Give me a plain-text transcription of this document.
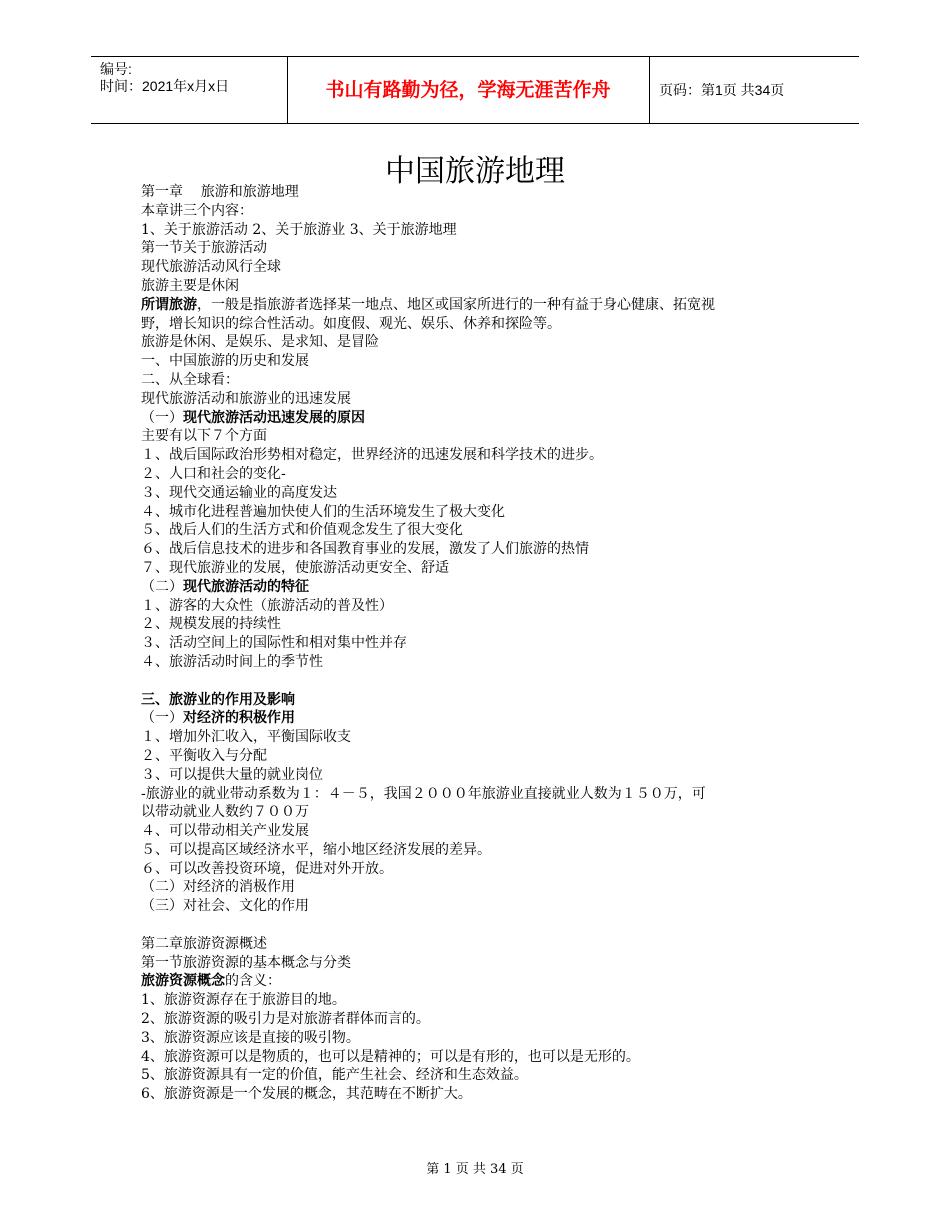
编号:
时间：2021年x月x日	书山有路勤为径，学海无涯苦作舟	页码：第1页 共34页
中国旅游地理

第一章    旅游和旅游地理

本章讲三个内容：

1、关于旅游活动 2、关于旅游业 3、关于旅游地理

第一节关于旅游活动

现代旅游活动风行全球

旅游主要是休闲

所谓旅游，一般是指旅游者选择某一地点、地区或国家所进行的一种有益于身心健康、拓宽视

野，增长知识的综合性活动。如度假、观光、娱乐、休养和探险等。

旅游是休闲、是娱乐、是求知、是冒险

一、中国旅游的历史和发展

二、从全球看：

现代旅游活动和旅游业的迅速发展

（一）现代旅游活动迅速发展的原因

主要有以下７个方面

１、战后国际政治形势相对稳定，世界经济的迅速发展和科学技术的进步。

２、人口和社会的变化-

３、现代交通运输业的高度发达

４、城市化进程普遍加快使人们的生活环境发生了极大变化

５、战后人们的生活方式和价值观念发生了很大变化

６、战后信息技术的进步和各国教育事业的发展，激发了人们旅游的热情

７、现代旅游业的发展，使旅游活动更安全、舒适

（二）现代旅游活动的特征

１、游客的大众性（旅游活动的普及性）

２、规模发展的持续性

３、活动空间上的国际性和相对集中性并存

４、旅游活动时间上的季节性

三、旅游业的作用及影响

（一）对经济的积极作用

１、增加外汇收入，平衡国际收支

２、平衡收入与分配

３、可以提供大量的就业岗位

-旅游业的就业带动系数为１：４－５，我国２０００年旅游业直接就业人数为１５０万，可

以带动就业人数约７００万

４、可以带动相关产业发展

５、可以提高区域经济水平，缩小地区经济发展的差异。

６、可以改善投资环境，促进对外开放。

（二）对经济的消极作用

（三）对社会、文化的作用

第二章旅游资源概述

第一节旅游资源的基本概念与分类

旅游资源概念的含义：

1、旅游资源存在于旅游目的地。

2、旅游资源的吸引力是对旅游者群体而言的。

3、旅游资源应该是直接的吸引物。

4、旅游资源可以是物质的，也可以是精神的；可以是有形的，也可以是无形的。

5、旅游资源具有一定的价值，能产生社会、经济和生态效益。

6、旅游资源是一个发展的概念，其范畴在不断扩大。

第 1 页 共 34 页
